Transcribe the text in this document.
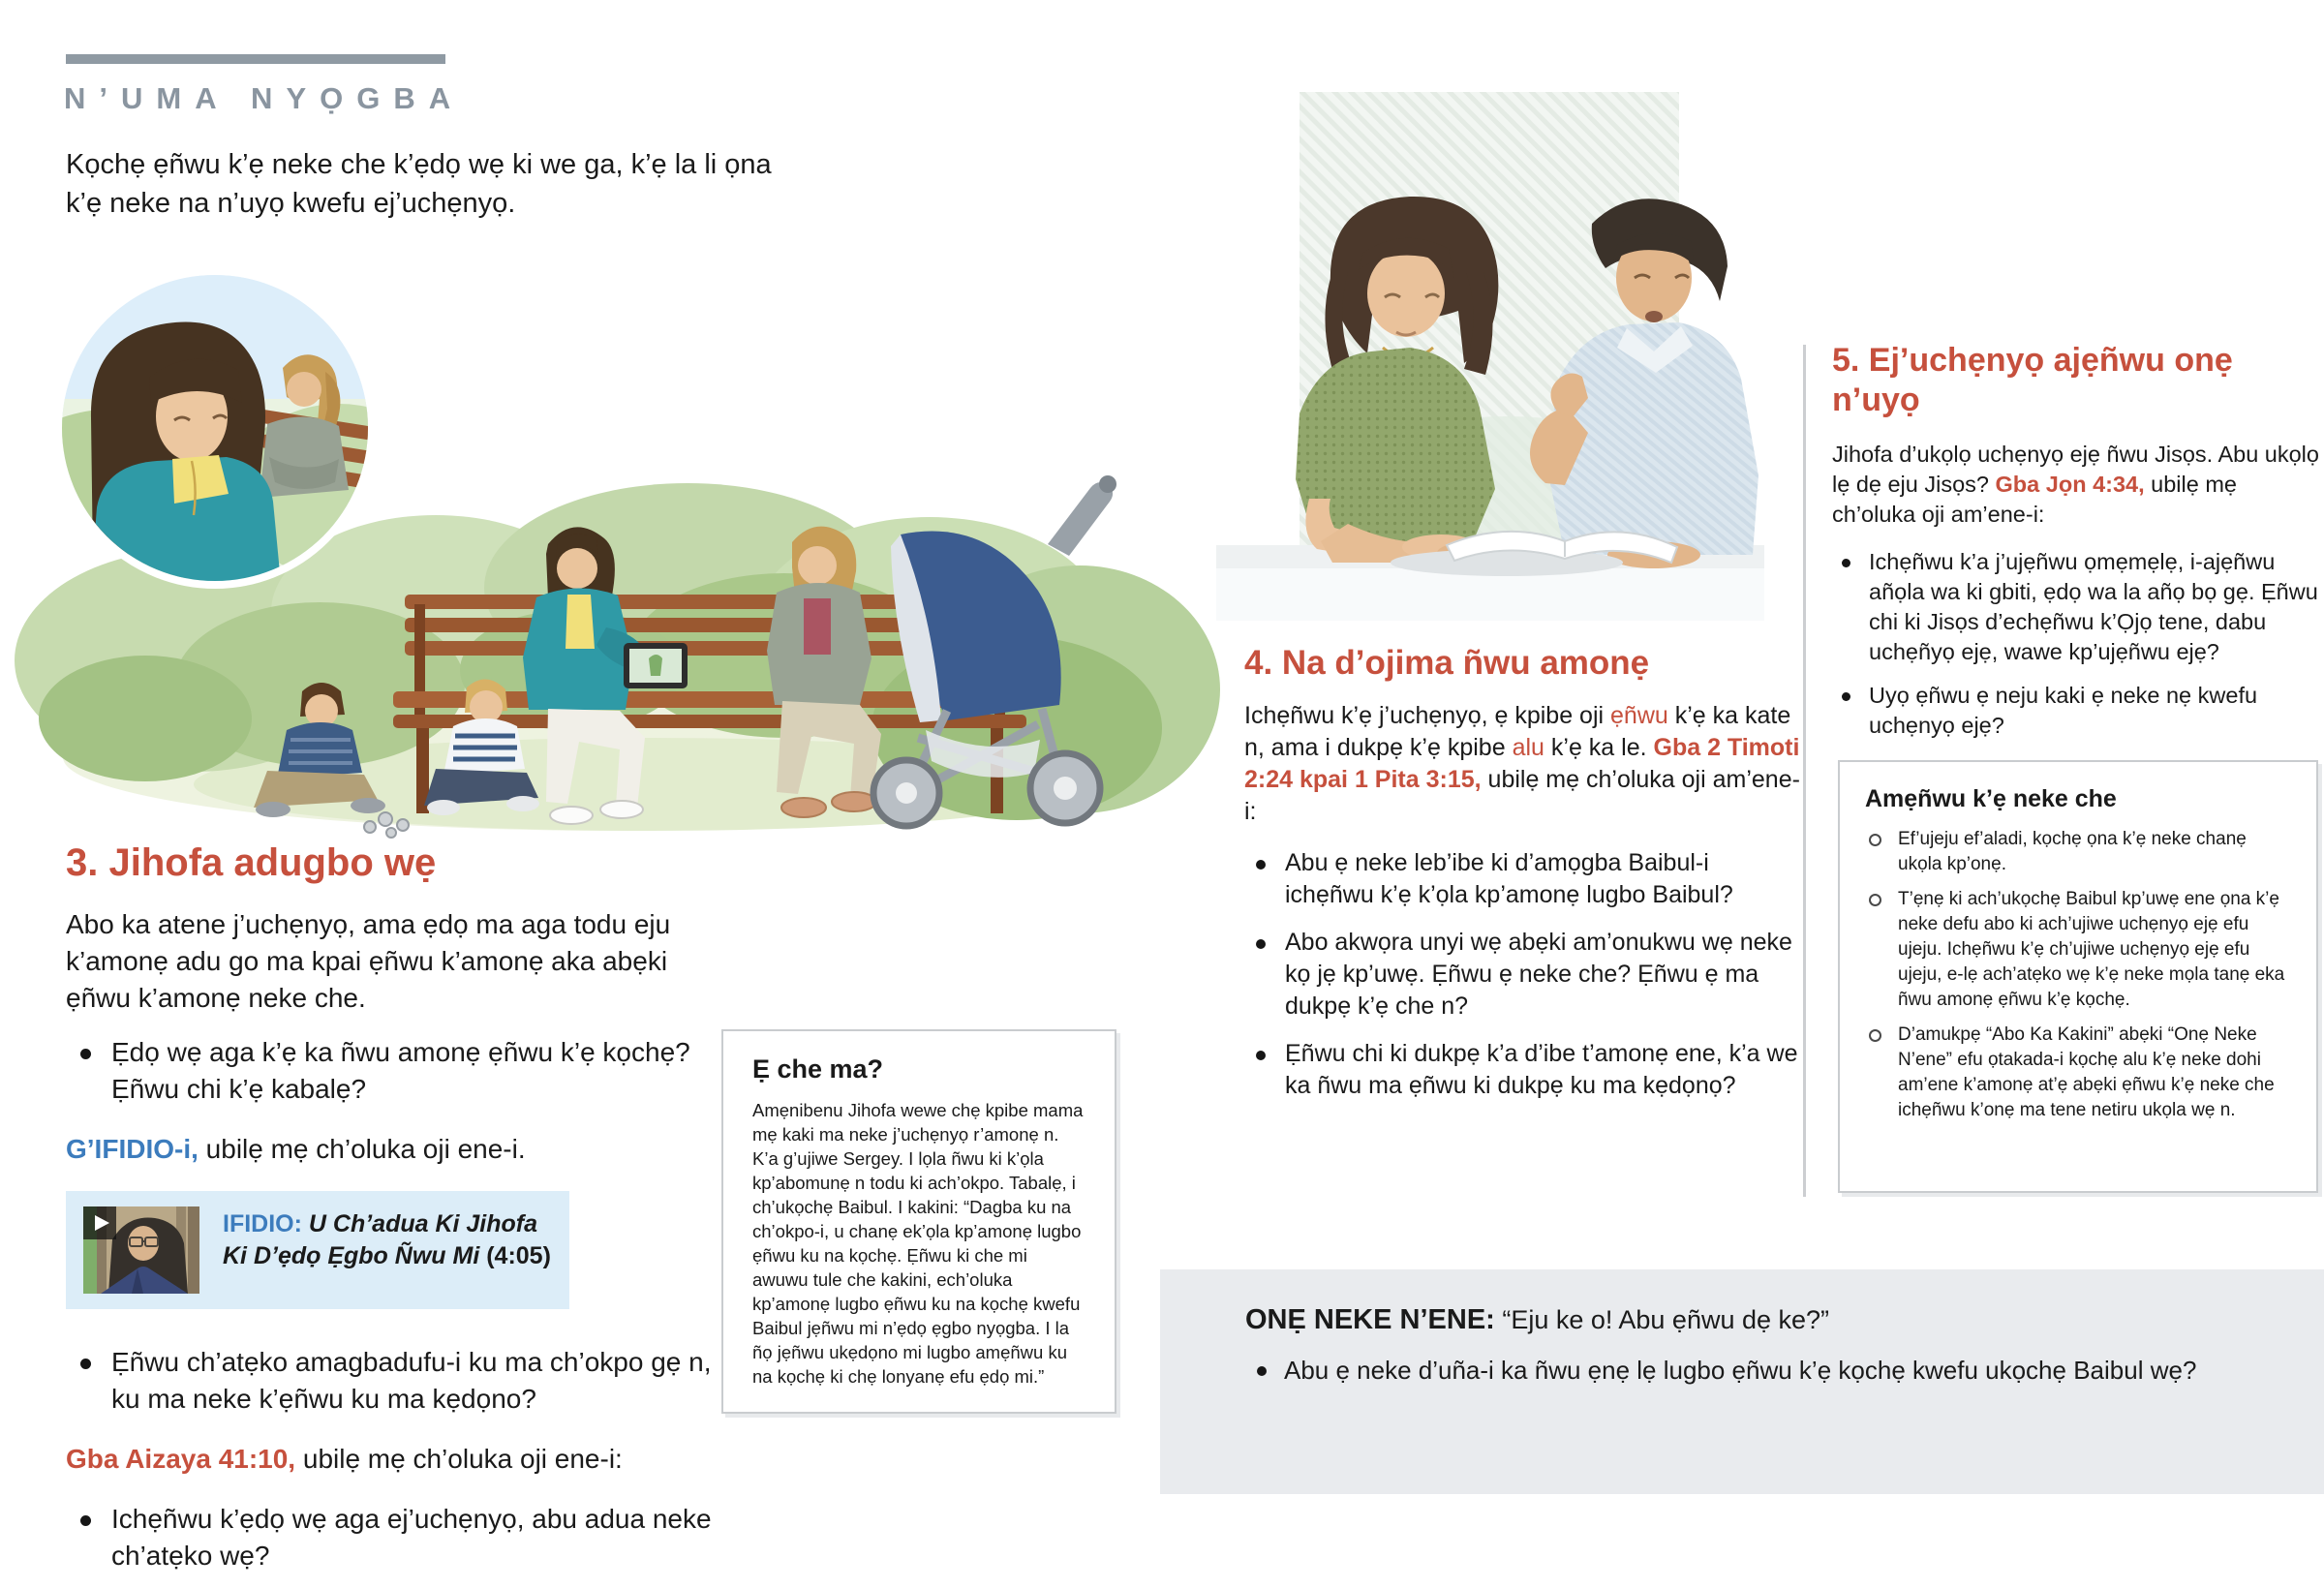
N’UMA NYỌGBA

Kọchẹ ẹñwu k’ẹ neke che k’ẹdọ wẹ ki we ga, k’ẹ la li ọna k’ẹ neke na n’uyọ kwefu ej’uchẹnyọ.

3. Jihofa adugbo wẹ

Abo ka atene j’uchẹnyọ, ama ẹdọ ma aga todu eju k’amonẹ adu go ma kpai ẹñwu k’amonẹ aka abẹki ẹñwu k’amonẹ neke che.

Ẹdọ wẹ aga k’ẹ ka ñwu amonẹ ẹñwu k’ẹ kọchẹ? Ẹñwu chi k’ẹ kabalẹ?

G’IFIDIO-i, ubilẹ mẹ ch’oluka oji ene-i.

IFIDIO: U Ch’adua Ki Jihofa Ki D’ẹdọ Ẹgbo Ñwu Mi (4:05)

Ẹñwu ch’atẹko amagbadufu-i ku ma ch’okpo gẹ n, ku ma neke k’ẹñwu ku ma kẹdọno?

Gba Aizaya 41:10, ubilẹ mẹ ch’oluka oji ene-i:

Ichẹñwu k’ẹdọ wẹ aga ej’uchẹnyọ, abu adua neke ch’atẹko wẹ?
Ẹ che ma?

Amẹnibenu Jihofa wewe chẹ kpibe mama mẹ kaki ma neke j’uchẹnyọ r’amonẹ n. K’a g’ujiwe Sergey. I lọla ñwu ki k’ọla kp’abomunẹ n todu ki ach’okpo. Tabalẹ, i ch’ukọchẹ Baibul. I kakini: “Dagba ku na ch’okpo-i, u chanẹ ek’ọla kp’amonẹ lugbo ẹñwu ku na kọchẹ. Ẹñwu ki che mi awuwu tule che kakini, ech’oluka kp’amonẹ lugbo ẹñwu ku na kọchẹ kwefu Baibul jẹñwu mi n’ẹdọ ẹgbo nyọgba. I la ñọ jẹñwu ukẹdọno mi lugbo amẹñwu ku na kọchẹ ki chẹ lonyanẹ efu ẹdọ mi.”

4. Na d’ojima ñwu amonẹ

Ichẹñwu k’ẹ j’uchẹnyọ, ẹ kpibe oji ẹñwu k’ẹ ka kate n, ama i dukpẹ k’ẹ kpibe alu k’ẹ ka le. Gba 2 Timoti 2:24 kpai 1 Pita 3:15, ubilẹ mẹ ch’oluka oji am’ene-i:

Abu ẹ neke leb’ibe ki d’amọgba Baibul-i ichẹñwu k’ẹ k’ọla kp’amonẹ lugbo Baibul?
Abo akwọra unyi wẹ abẹki am’onukwu wẹ neke kọ jẹ kp’uwẹ. Ẹñwu ẹ neke che? Ẹñwu ẹ ma dukpẹ k’ẹ che n?
Ẹñwu chi ki dukpẹ k’a d’ibe t’amonẹ ene, k’a we ka ñwu ma ẹñwu ki dukpẹ ku ma kẹdọnọ?
5. Ej’uchẹnyọ ajẹñwu onẹ n’uyọ

Jihofa d’ukọlọ uchẹnyọ ejẹ ñwu Jisọs. Abu ukọlọ lẹ dẹ eju Jisọs? Gba Jọn 4:34, ubilẹ mẹ ch’oluka oji am’ene-i:

Ichẹñwu k’a j’ujẹñwu ọmẹmẹlẹ, i-ajẹñwu añọla wa ki gbiti, ẹdọ wa la añọ bọ gẹ. Ẹñwu chi ki Jisọs d’echẹñwu k’Ọjọ tene, dabu uchẹñyọ ejẹ, wawe kp’ujẹñwu ejẹ?
Uyọ ẹñwu ẹ neju kaki ẹ neke nẹ kwefu uchẹnyọ ejẹ?
Amẹñwu k’ẹ neke che
Ef’ujeju ef’aladi, kọchẹ ọna k’ẹ neke chanẹ ukọla kp’onẹ.
T’ẹnẹ ki ach’ukọchẹ Baibul kp’uwẹ ene ọna k’ẹ neke defu abo ki ach’ujiwe uchẹnyọ ejẹ efu ujeju. Ichẹñwu k’ẹ ch’ujiwe uchẹnyọ ejẹ efu ujeju, e-lẹ ach’atẹko wẹ k’ẹ neke mọla tanẹ eka ñwu amonẹ ẹñwu k’ẹ kọchẹ.
D’amukpẹ “Abo Ka Kakini” abẹki “Onẹ Neke N’ene” efu ọtakada-i kọchẹ alu k’ẹ neke dohi am’ene k’amonẹ at’ẹ abẹki ẹñwu k’ẹ neke che ichẹñwu k’onẹ ma tene netiru ukọla wẹ n.

ONẸ NEKE N’ENE: “Eju ke o! Abu ẹñwu dẹ ke?”

Abu ẹ neke d’uña-i ka ñwu ẹnẹ lẹ lugbo ẹñwu k’ẹ kọchẹ kwefu ukọchẹ Baibul wẹ?
